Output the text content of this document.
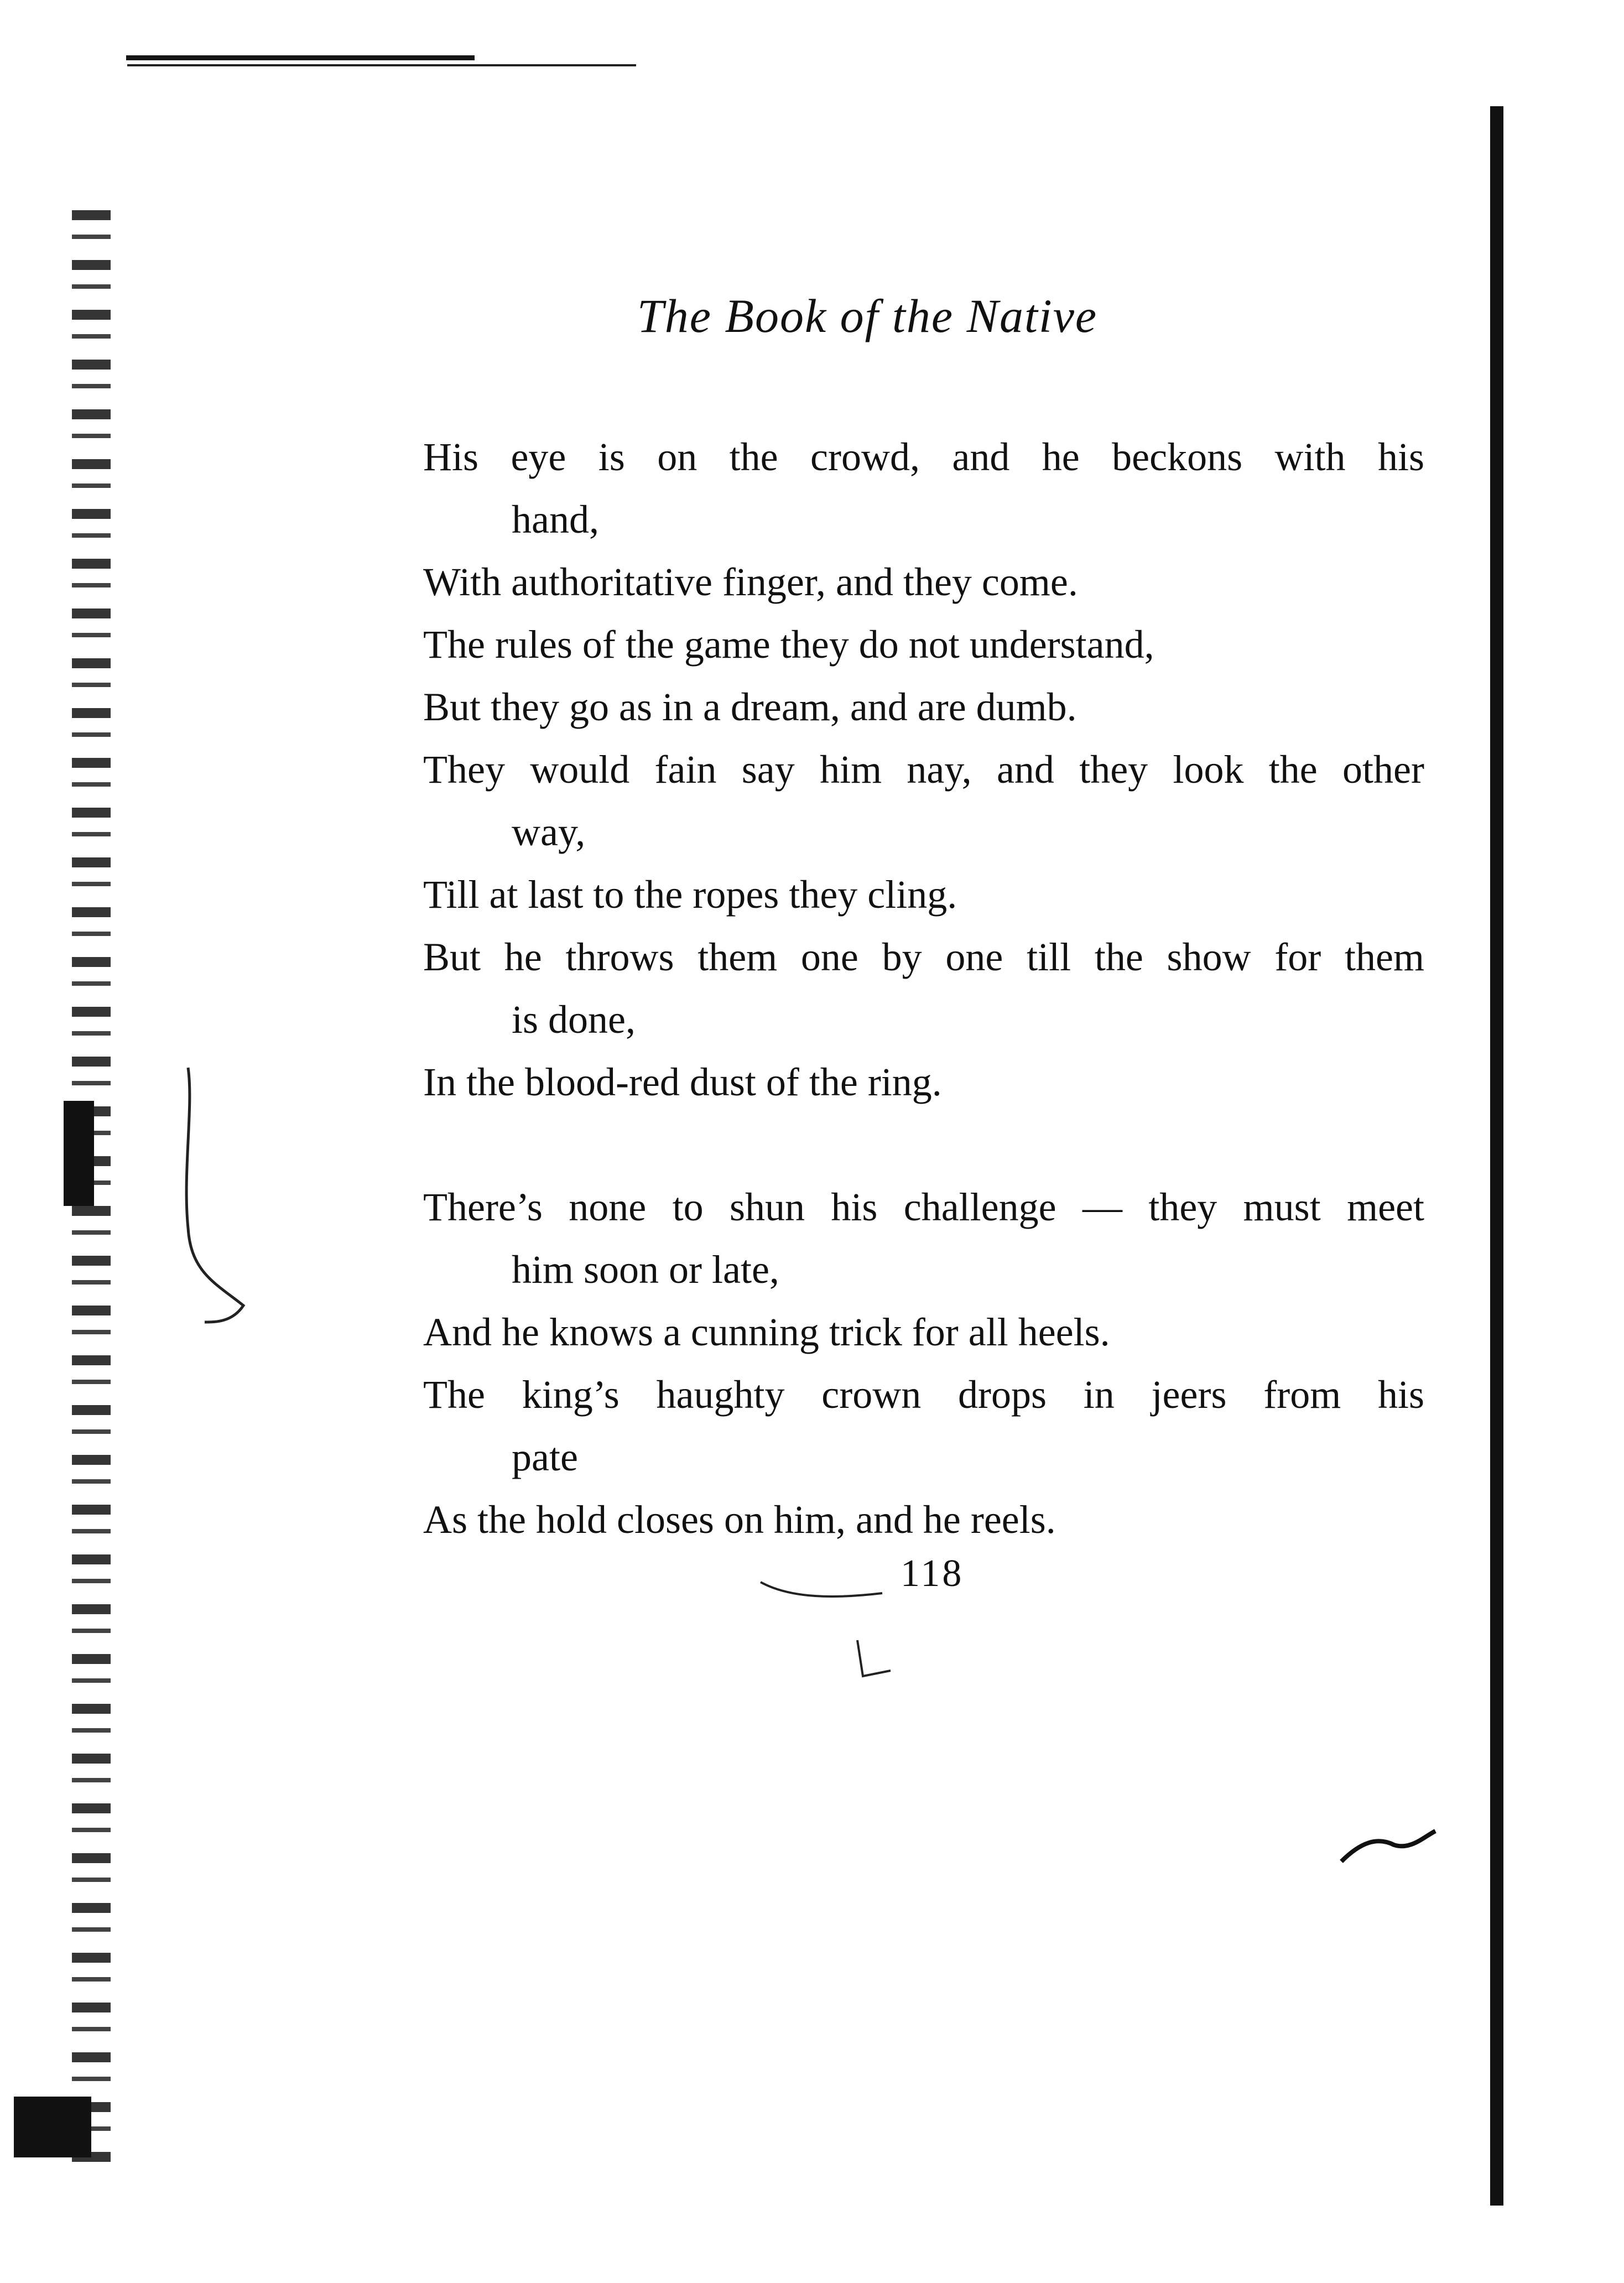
The Book of the Native
His eye is on the crowd, and he beckons with his
hand,
With authoritative finger, and they come.
The rules of the game they do not understand,
But they go as in a dream, and are dumb.
They would fain say him nay, and they look the other
way,
Till at last to the ropes they cling.
But he throws them one by one till the show for them
is done,
In the blood-red dust of the ring.
There’s none to shun his challenge — they must meet
him soon or late,
And he knows a cunning trick for all heels.
The king’s haughty crown drops in jeers from his
pate
As the hold closes on him, and he reels.
118
